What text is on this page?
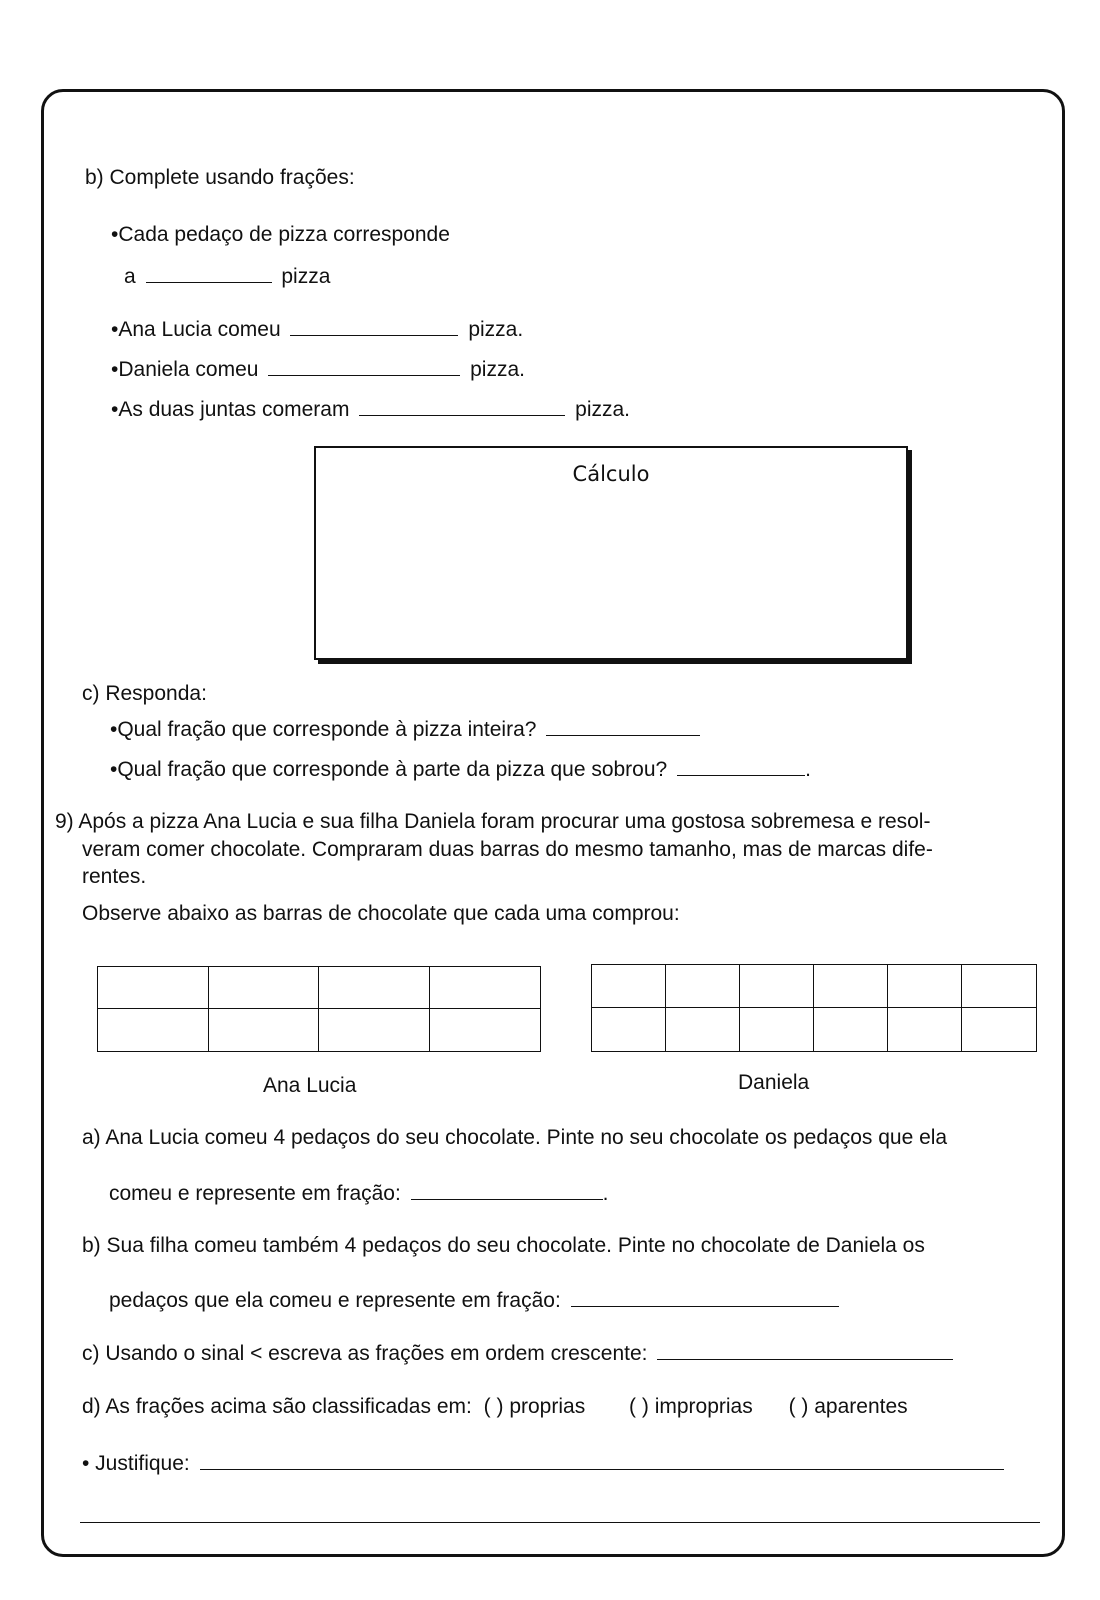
b) Complete usando frações:
•Cada pedaço de pizza corresponde
a	pizza
•Ana Lucia comeu	pizza.
•Daniela comeu	pizza.
•As duas juntas comeram	pizza.
Cálculo
c) Responda:
•Qual fração que corresponde à pizza inteira?
•Qual fração que corresponde à parte da pizza que sobrou?	.
9) Após a pizza Ana Lucia e sua filha Daniela foram procurar uma gostosa sobremesa e resol-
veram comer chocolate. Compraram duas barras do mesmo tamanho, mas de marcas dife-
rentes.
Observe abaixo as barras de chocolate que cada uma comprou:
Ana Lucia	Daniela
a) Ana Lucia comeu 4 pedaços do seu chocolate. Pinte no seu chocolate os pedaços que ela
comeu e represente em fração:	.
b) Sua filha comeu também 4 pedaços do seu chocolate. Pinte no chocolate de Daniela os
pedaços que ela comeu e represente em fração:
c) Usando o sinal < escreva as frações em ordem crescente:
d) As frações acima são classificadas em: ( ) proprias ( ) improprias ( ) aparentes
• Justifique:
